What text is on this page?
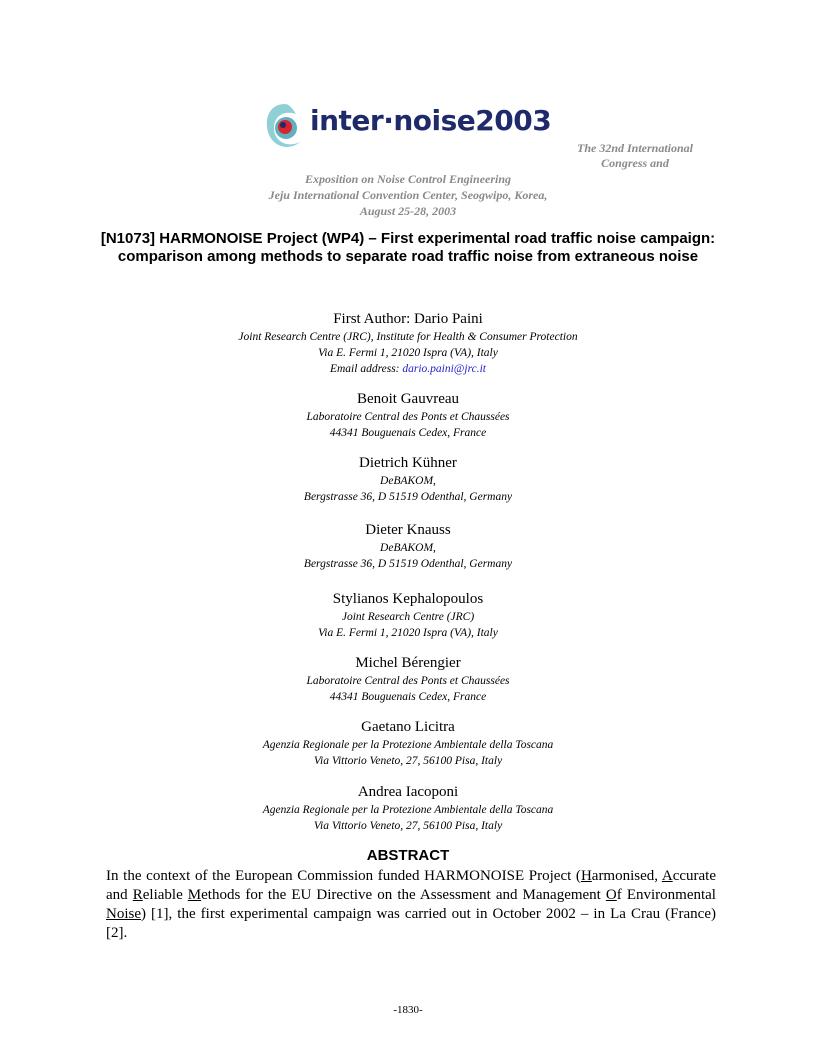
inter·noise2003
The 32nd International Congress and
Exposition on Noise Control Engineering
Jeju International Convention Center, Seogwipo, Korea,
August 25-28, 2003
[N1073] HARMONOISE Project (WP4) – First experimental road traffic noise campaign: comparison among methods to separate road traffic noise from extraneous noise
First Author: Dario Paini
Joint Research Centre (JRC), Institute for Health & Consumer Protection
Via E. Fermi 1, 21020 Ispra (VA), Italy
Email address: dario.paini@jrc.it
Benoit Gauvreau
Laboratoire Central des Ponts et Chaussées
44341 Bouguenais Cedex, France
Dietrich Kühner
DeBAKOM,
Bergstrasse 36, D 51519 Odenthal, Germany
Dieter Knauss
DeBAKOM,
Bergstrasse 36, D 51519 Odenthal, Germany
Stylianos Kephalopoulos
Joint Research Centre (JRC)
Via E. Fermi 1, 21020 Ispra (VA), Italy
Michel Bérengier
Laboratoire Central des Ponts et Chaussées
44341 Bouguenais Cedex, France
Gaetano Licitra
Agenzia Regionale per la Protezione Ambientale della Toscana
Via Vittorio Veneto, 27, 56100 Pisa, Italy
Andrea Iacoponi
Agenzia Regionale per la Protezione Ambientale della Toscana
Via Vittorio Veneto, 27, 56100 Pisa, Italy
ABSTRACT
In the context of the European Commission funded HARMONOISE Project (Harmonised, Accurate and Reliable Methods for the EU Directive on the Assessment and Management Of Environmental Noise) [1], the first experimental campaign was carried out in October 2002 – in La Crau (France) [2].
-1830-
